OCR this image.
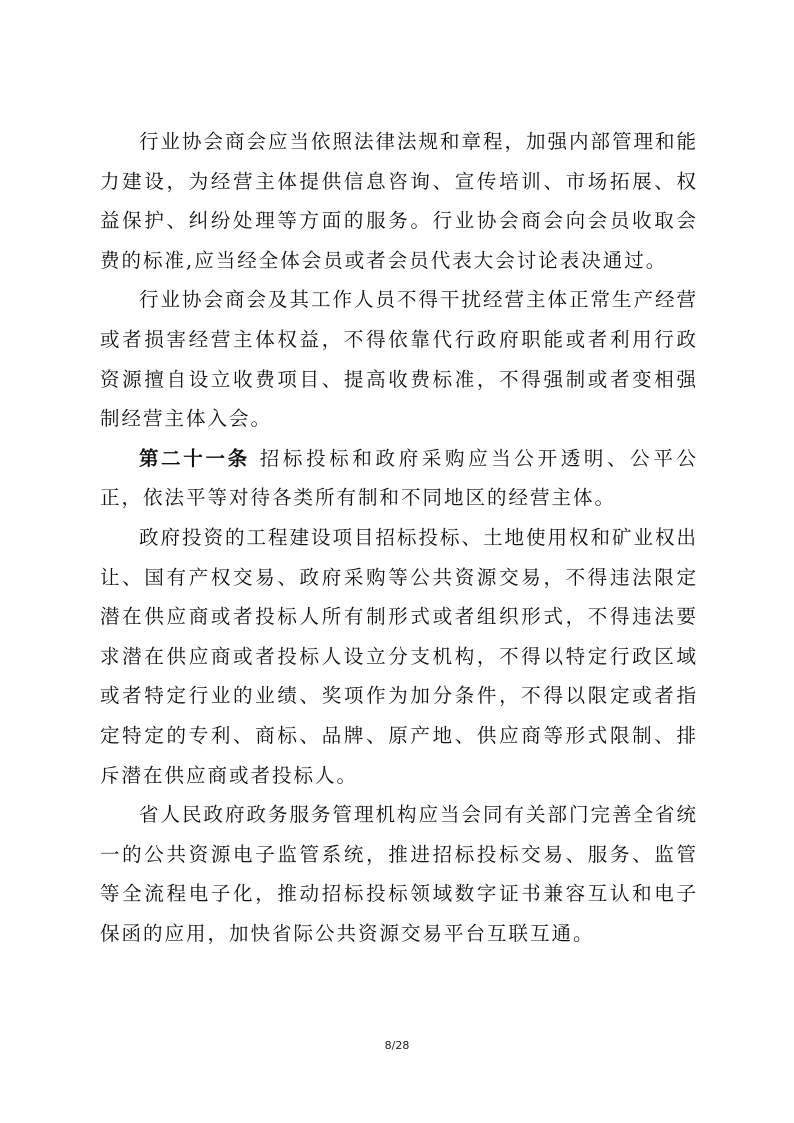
行业协会商会应当依照法律法规和章程，加强内部管理和能力建设，为经营主体提供信息咨询、宣传培训、市场拓展、权益保护、纠纷处理等方面的服务。行业协会商会向会员收取会费的标准,应当经全体会员或者会员代表大会讨论表决通过。

行业协会商会及其工作人员不得干扰经营主体正常生产经营或者损害经营主体权益，不得依靠代行政府职能或者利用行政资源擅自设立收费项目、提高收费标准，不得强制或者变相强制经营主体入会。

第二十一条 招标投标和政府采购应当公开透明、公平公正，依法平等对待各类所有制和不同地区的经营主体。

政府投资的工程建设项目招标投标、土地使用权和矿业权出让、国有产权交易、政府采购等公共资源交易，不得违法限定潜在供应商或者投标人所有制形式或者组织形式，不得违法要求潜在供应商或者投标人设立分支机构，不得以特定行政区域或者特定行业的业绩、奖项作为加分条件，不得以限定或者指定特定的专利、商标、品牌、原产地、供应商等形式限制、排斥潜在供应商或者投标人。

省人民政府政务服务管理机构应当会同有关部门完善全省统一的公共资源电子监管系统，推进招标投标交易、服务、监管等全流程电子化，推动招标投标领域数字证书兼容互认和电子保函的应用，加快省际公共资源交易平台互联互通。

8/28
